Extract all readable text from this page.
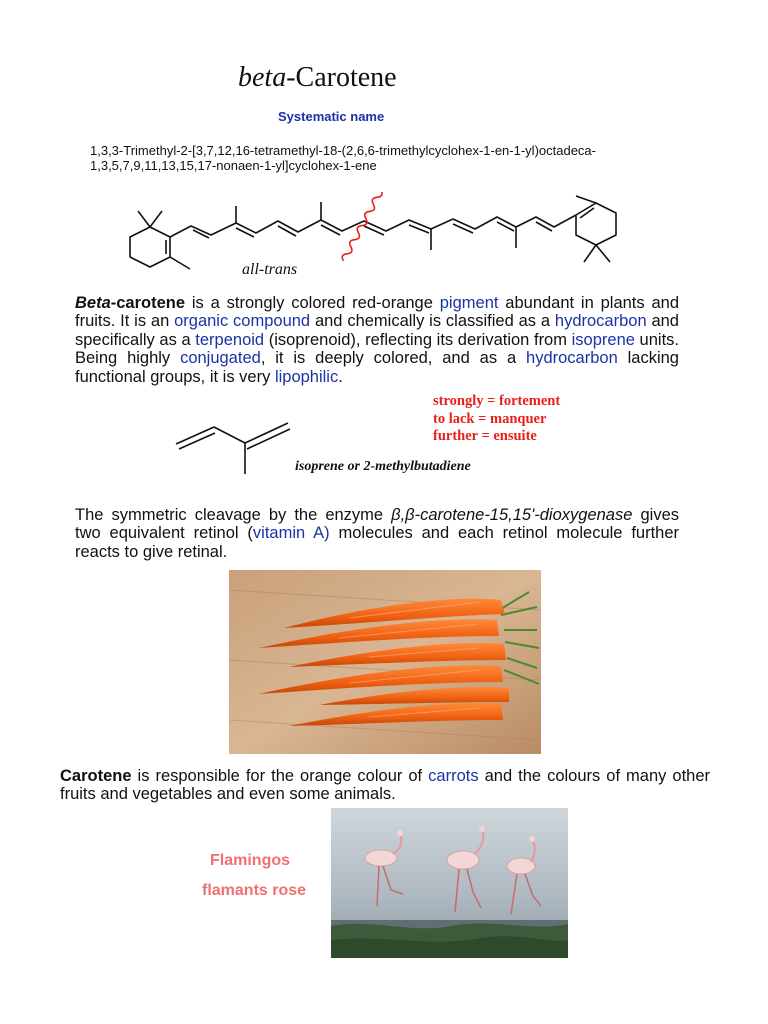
beta-Carotene
Systematic name
1,3,3-Trimethyl-2-[3,7,12,16-tetramethyl-18-(2,6,6-trimethylcyclohex-1-en-1-yl)octadeca-1,3,5,7,9,11,13,15,17-nonaen-1-yl]cyclohex-1-ene
all-trans
Beta-carotene is a strongly colored red-orange pigment abundant in plants and fruits. It is an organic compound and chemically is classified as a hydrocarbon and specifically as a terpenoid (isoprenoid), reflecting its derivation from isoprene units. Being highly conjugated, it is deeply colored, and as a hydrocarbon lacking functional groups, it is very lipophilic.
strongly = fortement
to lack = manquer
further = ensuite
isoprene or 2-methylbutadiene
The symmetric cleavage by the enzyme β,β-carotene-15,15'-dioxygenase gives two equivalent retinol (vitamin A) molecules and each retinol molecule further reacts to give retinal.
Carotene is responsible for the orange colour of carrots and the colours of many other fruits and vegetables and even some animals.
Flamingos
flamants rose
